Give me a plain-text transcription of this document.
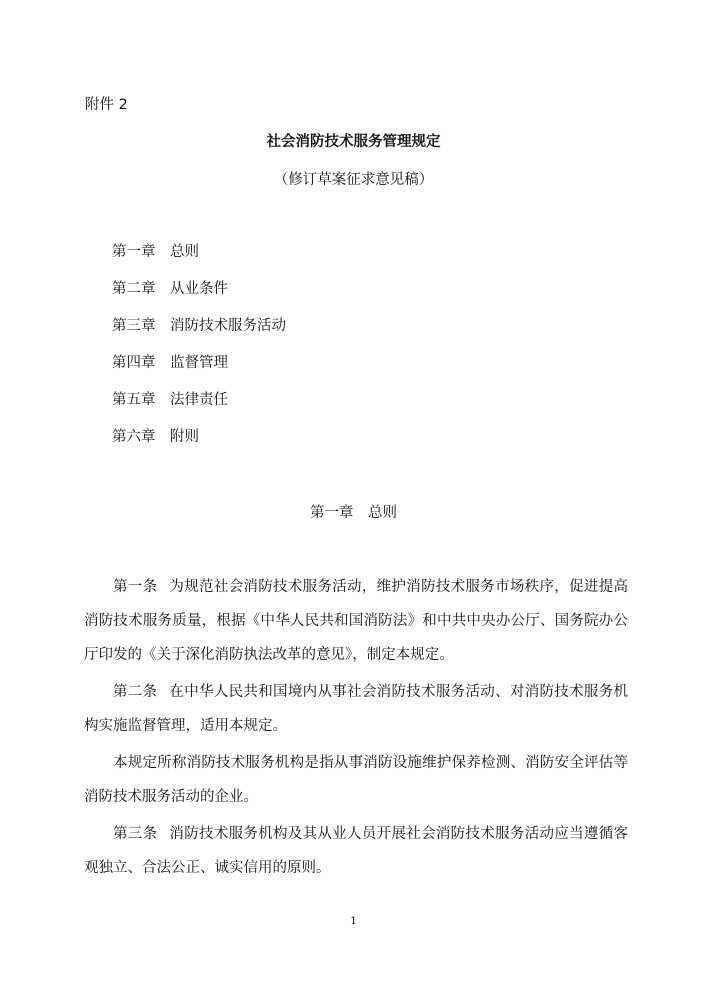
附件 2
社会消防技术服务管理规定
（修订草案征求意见稿）
第一章 总则
第二章 从业条件
第三章 消防技术服务活动
第四章 监督管理
第五章 法律责任
第六章 附则
第一章　总则

第一条 为规范社会消防技术服务活动，维护消防技术服务市场秩序，促进提高消防技术服务质量，根据《中华人民共和国消防法》和中共中央办公厅、国务院办公厅印发的《关于深化消防执法改革的意见》，制定本规定。

第二条 在中华人民共和国境内从事社会消防技术服务活动、对消防技术服务机构实施监督管理，适用本规定。

本规定所称消防技术服务机构是指从事消防设施维护保养检测、消防安全评估等消防技术服务活动的企业。

第三条 消防技术服务机构及其从业人员开展社会消防技术服务活动应当遵循客观独立、合法公正、诚实信用的原则。

1
